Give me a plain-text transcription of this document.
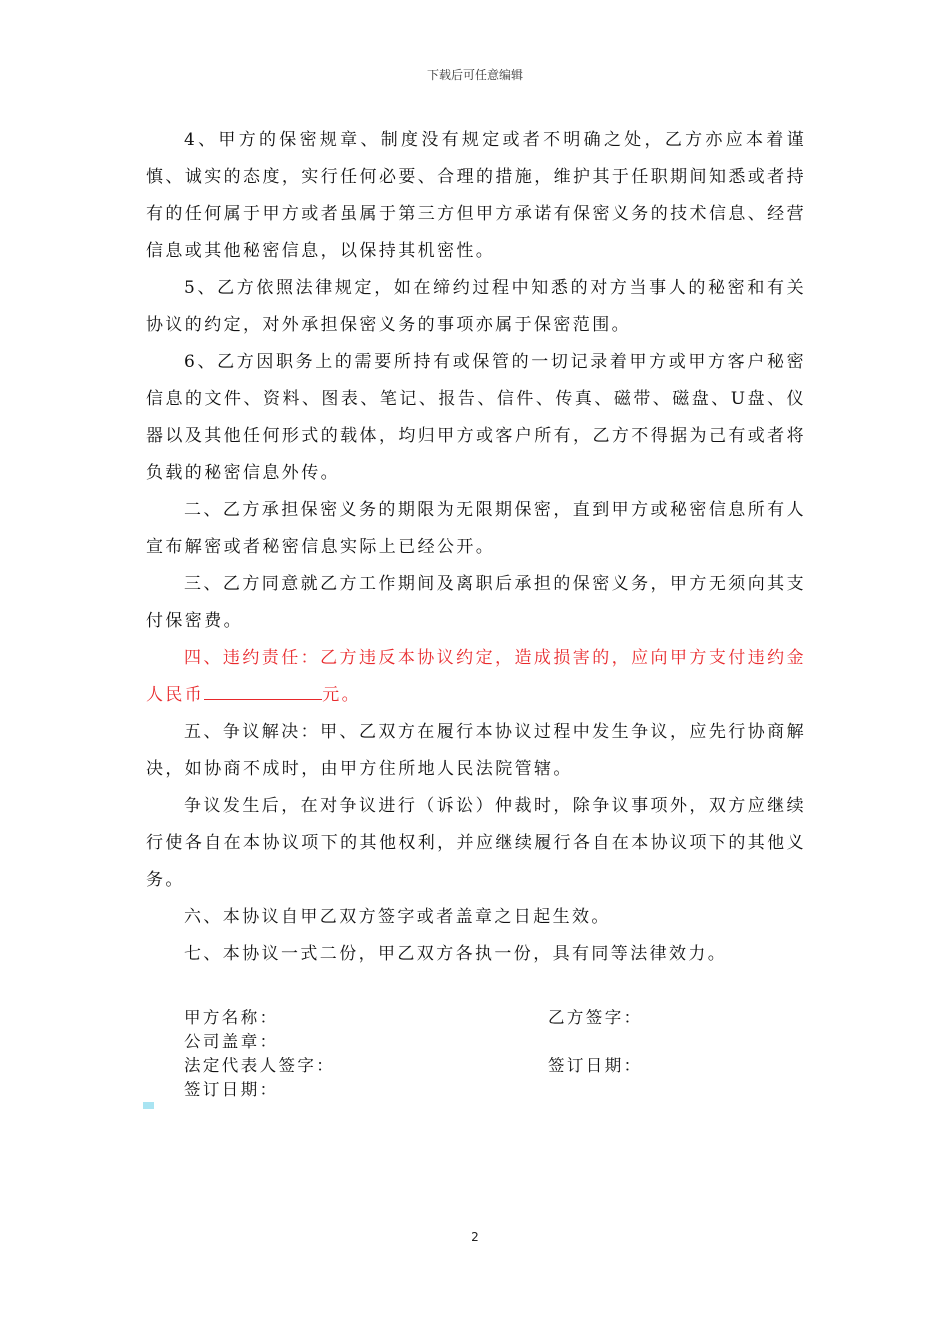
下载后可任意编辑

4、甲方的保密规章、制度没有规定或者不明确之处，乙方亦应本着谨慎、诚实的态度，实行任何必要、合理的措施，维护其于任职期间知悉或者持有的任何属于甲方或者虽属于第三方但甲方承诺有保密义务的技术信息、经营信息或其他秘密信息，以保持其机密性。

5、乙方依照法律规定，如在缔约过程中知悉的对方当事人的秘密和有关协议的约定，对外承担保密义务的事项亦属于保密范围。

6、乙方因职务上的需要所持有或保管的一切记录着甲方或甲方客户秘密信息的文件、资料、图表、笔记、报告、信件、传真、磁带、磁盘、U盘、仪器以及其他任何形式的载体，均归甲方或客户所有，乙方不得据为己有或者将负载的秘密信息外传。

二、乙方承担保密义务的期限为无限期保密，直到甲方或秘密信息所有人宣布解密或者秘密信息实际上已经公开。

三、乙方同意就乙方工作期间及离职后承担的保密义务，甲方无须向其支付保密费。

四、违约责任：乙方违反本协议约定，造成损害的，应向甲方支付违约金人民币	元。

五、争议解决：甲、乙双方在履行本协议过程中发生争议，应先行协商解决，如协商不成时，由甲方住所地人民法院管辖。

争议发生后，在对争议进行（诉讼）仲裁时，除争议事项外，双方应继续行使各自在本协议项下的其他权利，并应继续履行各自在本协议项下的其他义务。

六、本协议自甲乙双方签字或者盖章之日起生效。

七、本协议一式二份，甲乙双方各执一份，具有同等法律效力。

甲方名称：	乙方签字：
公司盖章：
法定代表人签字：	签订日期：
签订日期：
2
